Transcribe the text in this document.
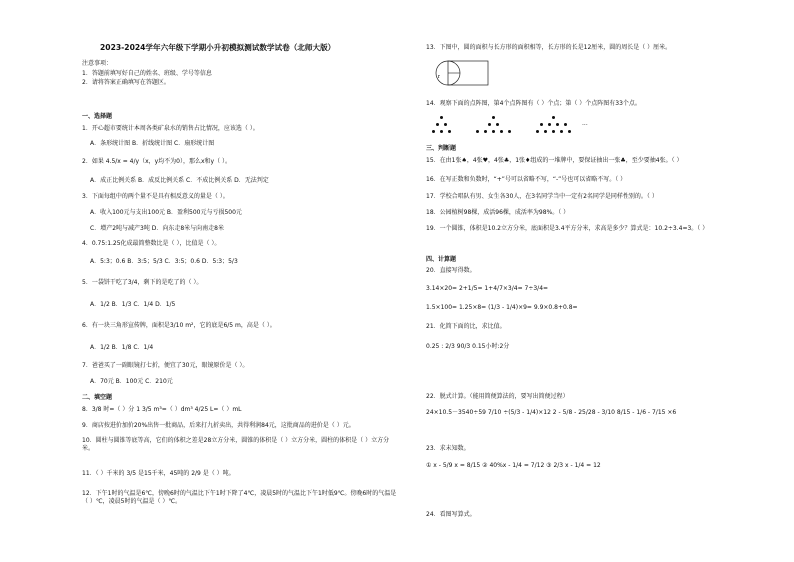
2023-2024学年六年级下学期小升初模拟测试数学试卷（北师大版）
注意事项：
1．答题前填写好自己的姓名、班级、学号等信息
2．请将答案正确填写在答题区。
一、选择题
1．开心超市要统计本周各类矿泉水的销售占比情况，应该选（ ）。
A．条形统计图 B．折线统计图 C．扇形统计图
2．如果 4.5/x = 4/y（x，y均不为0），那么x和y（ ）。
A．成正比例关系 B．成反比例关系 C．不成比例关系 D．无法判定
3．下面每组中的两个量不是具有相反意义的量是（ ）。
A．收入100元与支出100元 B．盈利500元与亏损500元
C．增产2吨与减产3吨 D．向东走8米与向南走8米
4．0.75:1.25化成最简整数比是（ ），比值是（ ）。
A．5:3；0.6 B．3:5；5/3 C．3:5；0.6 D．5:3；5/3
5．一袋饼干吃了3/4，剩下的是吃了的（ ）。
A．1/2 B．1/3 C．1/4 D．1/5
6．有一块三角形宣传牌，面积是3/10 m²，它的底是6/5 m，高是（ ）。
A．1/2 B．1/8 C．1/4
7．爸爸买了一副眼镜打七折，便宜了30元，眼镜原价是（ ）。
A．70元 B．100元 C．210元
二、填空题
8．3/8 时=（ ）分 1 3/5 m³=（ ）dm³ 4/25 L=（ ）mL
9．商店按进价加价20%出售一批商品，后来打九折卖出，共得利润84元，这批商品的进价是（ ）元。
10．圆柱与圆锥等底等高，它们的体积之差是28立方分米，圆锥的体积是（ ）立方分米，圆柱的体积是（ ）立方分米。
11．（ ）千米的 3/5 是15千米，45吨的 2/9 是（ ）吨。
12．下午1时的气温是6℃，傍晚6时的气温比下午1时下降了4℃，凌晨5时的气温比下午1时低9℃。傍晚6时的气温是（ ）℃，凌晨5时的气温是（ ）℃。
13．下图中，圆的面积与长方形的面积相等，长方形的长是12厘米，圆的周长是（ ）厘米。
r
14．观察下面的点阵图，第4个点阵图有（ ）个点；第（ ）个点阵图有33个点。
···
三、判断题
15．在由1张♠，4张♥，4张♣，1张♦组成的一堆牌中，要保证抽出一张♣，至少要抽4张。（ ）
16．在写正数和负数时，“+”号可以省略不写，“-”号也可以省略不写。（ ）
17．学校合唱队有男、女生各30人，在3名同学当中一定有2名同学是同样性别的。（ ）
18．公园植树98棵，成活96棵，成活率为98%。（ ）
19．一个圆锥，体积是10.2立方分米，底面积是3.4平方分米，求高是多少？算式是：10.2÷3.4=3。（ ）
四、计算题
20．直接写得数。
3.14×20= 2+1/5= 1+4/7×3/4= 7÷3/4=
1.5×100= 1.25×8= (1/3 - 1/4)×9= 9.9×0.8+0.8=
21．化简下面的比，求比值。
0.25 : 2/3 90/3 0.15小时:2分
22．脱式计算。（能用简便算法的，要写出简便过程）
24×10.5－3540÷59 7/10 ÷(5/3 - 1/4)×12 2 - 5/8 - 25/28 - 3/10 8/15 - 1/6 - 7/15 ×6
23．求未知数。
① x - 5/9 x = 8/15 ② 40%x - 1/4 = 7/12 ③ 2/3 x - 1/4 = 12
24．看图写算式。
